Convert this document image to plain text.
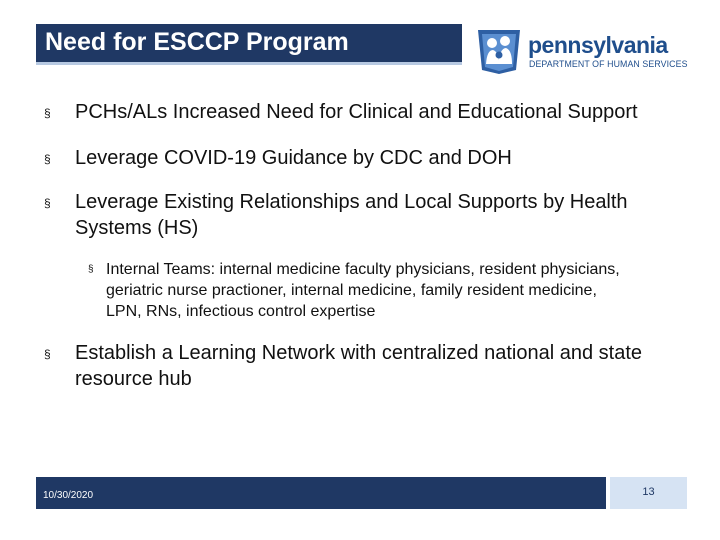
Need for ESCCP Program	pennsylvania
DEPARTMENT OF HUMAN SERVICES
§ PCHs/ALs Increased Need for Clinical and Educational Support
§ Leverage COVID-19 Guidance by CDC and DOH
§ Leverage Existing Relationships and Local Supports by Health Systems (HS)
§ Internal Teams: internal medicine faculty physicians, resident physicians, geriatric nurse practioner, internal medicine, family resident medicine, LPN, RNs, infectious control expertise
§ Establish a Learning Network with centralized national and state resource hub
10/30/2020	13
